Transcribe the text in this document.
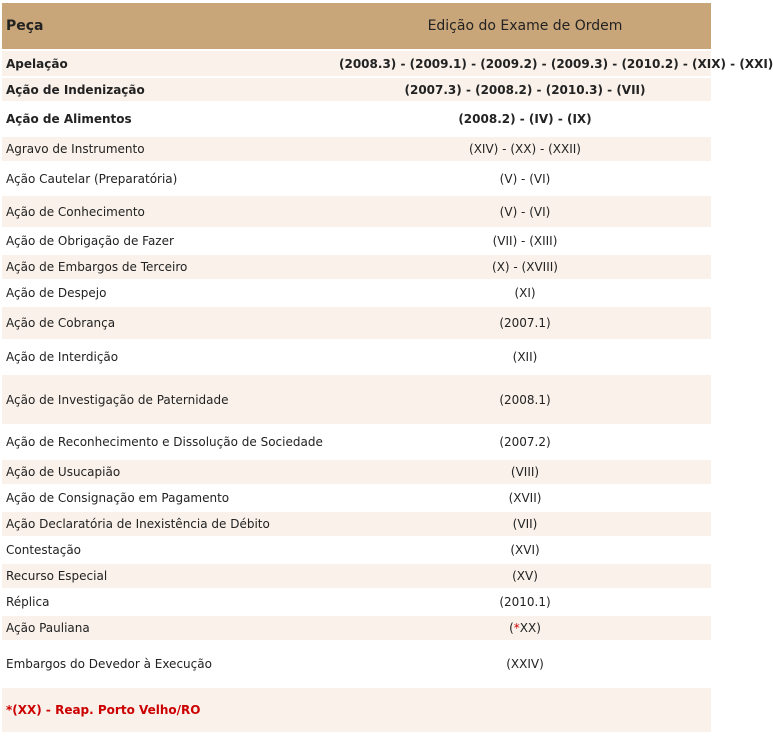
Peça	Edição do Exame de Ordem
Apelação	(2008.3) - (2009.1) - (2009.2) - (2009.3) - (2010.2) - (XIX) - (XXI)
Ação de Indenização	(2007.3) - (2008.2) - (2010.3) - (VII)
Ação de Alimentos	(2008.2) - (IV) - (IX)
Agravo de Instrumento	(XIV) - (XX) - (XXII)
Ação Cautelar (Preparatória)	(V) - (VI)
Ação de Conhecimento	(V) - (VI)
Ação de Obrigação de Fazer	(VII) - (XIII)
Ação de Embargos de Terceiro	(X) - (XVIII)
Ação de Despejo	(XI)
Ação de Cobrança	(2007.1)
Ação de Interdição	(XII)
Ação de Investigação de Paternidade	(2008.1)
Ação de Reconhecimento e Dissolução de Sociedade	(2007.2)
Ação de Usucapião	(VIII)
Ação de Consignação em Pagamento	(XVII)
Ação Declaratória de Inexistência de Débito	(VII)
Contestação	(XVI)
Recurso Especial	(XV)
Réplica	(2010.1)
Ação Pauliana	(*XX)
Embargos do Devedor à Execução	(XXIV)
*(XX) - Reap. Porto Velho/RO	
